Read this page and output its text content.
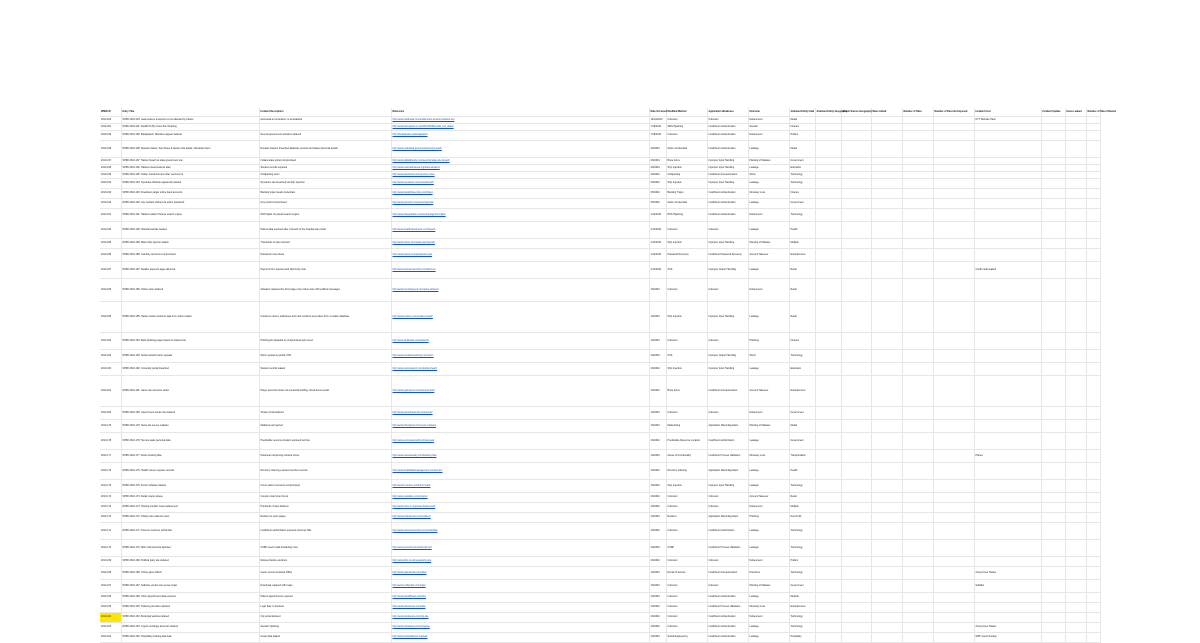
WMID ID	Entry Title	Incident Description	Reference	Date Occurred	Modified Method	Application Weakness	Outcome	Attacked Entity Field	Attacked Entity Geography	Attack Source Geography	Mass Attack	Number of Sites	Number of Records Exposed	Incident Cost	Incident Update	Items Leaked	Number of Sites Affected
2010-203	WHID 2010-203: www.tesla.eu & amazon.co.uk attacked by hacker	www.tesla.eu & amazon.co.uk attacked	http://www.hackread.com/teslamotors-amazon-hacked-xss	10/14/2010	Unknown	Unknown	Defacement	Media						NYT Website Hack			
2010-201	WHID 2010-201: Reddit Hit By Cross-Site Scripting		http://www.theregister.co.uk/2010/09/28/reddit_xss_attack	7/18/2010	SMS Hijacking	Insufficient Authentication	Session	Finance									
2010-199	WHID 2010-199: Bangladesh: Websites appear defaced	Several government websites defaced	http://thedailystar.net/bangladesh	7/18/2010	Unknown	Insufficient Authentication	Defacement	Politics									
2010-198	WHID 2010-198: Russian hacker, Sam Flaxe & Netsoo ride attack, Nebraska Open	Russian hackers breached database records and leaked personal details	http://www.nebraska.gov/news/security-breach	4/9/2010	Stolen Credentials	Insufficient Authentication	Leakage	Media									
2010-197	WHID 2010-197: Hacker breach at state government site	Indiana state portal compromised	http://www.digitaltrends.com/security/state-site-breach	4/9/2010	Brute Force	Improper Input Handling	Planting of Malware	Government									
2010-196	WHID 2010-196: Hackers steal students data	Student records exposed	http://www.educationweek.org/hack-students	4/9/2010	SQL Injection	Improper Input Handling	Leakage	Education									
2010-195	WHID 2010-195: Twitter, Facebook and other services hit	Clickjacking worm	http://www.facebook.com/security-notes	4/9/2010	Clickjacking	Insufficient Anti-automation	Worm	Technology									
2010-194	WHID 2010-194: Symantec Website apparently hacked	Symantec site breached via SQL injection	http://www.symantec.com/news/breach	4/9/2010	SQL Injection	Improper Input Handling	Leakage	Technology									
2010-193	WHID 2010-193: Fraudsters target online bank accounts	Banking trojan steals credentials	http://www.bankinfosecurity.com/fraud	3/5/2010	Banking Trojan	Insufficient Authentication	Monetary Loss	Finance									
2010-192	WHID 2010-192: Gov website hacked via stolen password	Gov portal compromised	http://www.govtech.com/security/portal	3/5/2010	Stolen Credentials	Insufficient Authentication	Leakage	Government									
2010-191	WHID 2010-191: Hackers attack Chinese search engine	DNS hijack of popular search engine	http://www.theguardian.com/technology/dns-hijack	1/12/2010	DNS Hijacking	Insufficient Authentication	Defacement	Technology									
2010-190	WHID 2010-190: Hospital website hacked	Patient data exposed after a breach of the hospital web portal	http://www.healthcareitnews.com/breach	1/12/2010	Unknown	Unknown	Leakage	Health									
2010-189	WHID 2010-189: Mass SQL injection attack	Thousands of sites infected	http://www.zdnet.com/mass-sql-injection	1/12/2010	SQL Injection	Improper Input Handling	Planting of Malware	Multiple									
2010-188	WHID 2010-188: Celebrity accounts compromised	Password reset abuse	http://www.wired.com/password-reset	1/12/2010	Password Recovery	Insufficient Password Recovery	Account Takeover	Entertainment									
2010-187	WHID 2010-187: Retailer payment page skimmed	Payment form injected with skimming code	http://www.krebsonsecurity.com/skimmer	1/12/2010	XSS	Improper Output Handling	Leakage	Retail						Credit cards leaked			
2010-186	WHID 2010-186: Online store defaced	Attackers replaced the front page of an online store with political messages	http://www.securityweek.com/store-defaced	1/9/2010	Unknown	Unknown	Defacement	Retail									
2010-185	WHID 2010-185: Hacker steals customer data from online retailer	Customer names, addresses and card numbers were taken from a retailer database	http://www.reuters.com/retailer-breach	1/9/2010	SQL Injection	Improper Input Handling	Leakage	Retail									
2010-184	WHID 2010-184: Bank phishing page hosted on hacked site	Phishing kit uploaded to compromised web server	http://www.phishtank.com/bank-kit	1/9/2010	Unknown	Unknown	Phishing	Finance									
2010-183	WHID 2010-183: Social network worm spreads	Worm spread via profile XSS	http://www.socialnetworking.com/worm	1/9/2010	XSS	Improper Output Handling	Worm	Technology									
2010-182	WHID 2010-182: University portal breached	Student records leaked	http://www.campustech.com/portal-breach	1/9/2010	SQL Injection	Improper Input Handling	Leakage	Education									
2010-181	WHID 2010-181: Game site accounts stolen	Player accounts stolen via credential stuffing; virtual items resold	http://www.gamespot.com/account-theft	1/9/2010	Brute Force	Insufficient Anti-automation	Account Takeover	Entertainment									
2010-180	WHID 2010-180: Government tender site defaced	Tender portal defaced	http://www.govinfosecurity.com/tender	1/9/2010	Unknown	Unknown	Defacement	Government									
2010-179	WHID 2010-179: News site serves malware	Malicious ad injected	http://www.threatpost.com/news-malware	1/9/2010	Malvertising	Application Misconfiguration	Planting of Malware	Media									
2010-178	WHID 2010-178: Tax site leaks personal data	Predictable resource location exposed tax files	http://www.computerworld.com/tax-leak	1/9/2010	Predictable Resource Location	Insufficient Authorization	Leakage	Government									
2010-177	WHID 2010-177: Airline booking flaw	Parameter tampering reduced prices	http://www.travelweekly.com/booking-flaw	1/9/2010	Abuse of Functionality	Insufficient Process Validation	Monetary Loss	Transportation						Planes			
2010-176	WHID 2010-176: Health insurer exposes records	Directory indexing exposed member records	http://www.healthdatamanagement.com/insurer	1/9/2010	Directory Indexing	Application Misconfiguration	Leakage	Health									
2010-175	WHID 2010-175: Forum software hacked	Forum admin accounts compromised	http://www.h-online.com/forum-hack	1/9/2010	SQL Injection	Improper Input Handling	Leakage	Technology									
2010-174	WHID 2010-174: Retail coupon abuse	Coupon code brute forced	http://www.retailwire.com/coupon	1/9/2010	Unknown	Unknown	Account Takeover	Retail									
2010-173	WHID 2010-173: Hosting provider mass defacement	Hundreds of sites defaced	http://www.zone-h.org/mass-defacement	1/9/2010	Unknown	Unknown	Defacement	Multiple									
2010-172	WHID 2010-172: Charity site redirects users	Redirect to scam pages	http://www.charitynews.com/redirect	1/9/2010	Redirect	Application Misconfiguration	Phishing	Non-Profit									
2010-171	WHID 2010-171: Telecom customer portal flaw	Insufficient authorization exposed customer bills	http://www.telecomsecurity.com/portal-flaw	1/9/2010	Unknown	Insufficient Authorization	Leakage	Technology									
2010-170	WHID 2010-170: Web mail accounts hijacked	CSRF used to add forwarding rules	http://www.pcworld.com/webmail-csrf	1/9/2010	CSRF	Insufficient Process Validation	Leakage	Technology									
2010-169	WHID 2010-169: Political party site defaced	Defaced before elections	http://www.bbc.co.uk/news/party-site	1/9/2010	Unknown	Unknown	Defacement	Politics									
2010-168	WHID 2010-168: Online game DDoS	Game servers knocked offline	http://www.gamasutra.com/ddos	1/9/2010	Denial of Service	Insufficient Anti-automation	Downtime	Technology						Anonymous Hacker			
2010-167	WHID 2010-167: Software vendor site serves trojan	Download replaced with trojan	http://www.softpedia.com/trojan	1/9/2010	Unknown	Unknown	Planting of Malware	Government						Softlabs			
2010-166	WHID 2010-166: Clinic appointment data exposed	Patient appointments exposed	http://www.ihealthbeat.org/clinic	1/9/2010	Unknown	Insufficient Authentication	Leakage	Medical									
2010-165	WHID 2010-165: Ticketing site flaw exploited	Logic flaw in checkout	http://www.ticketnews.com/flaw	1/9/2010	Unknown	Insufficient Process Validation	Monetary Loss	Entertainment									
2010-164	WHID 2010-164: Municipal website defaced	City portal defaced	http://www.localnews.com/city-site	1/9/2010	Unknown	Insufficient Authentication	Defacement	Technology									
2010-163	WHID 2010-163: Crypto exchange accounts drained	Session hijacking	http://www.coindesk.com/exchange	1/9/2010	Unknown	Insufficient Authentication	Leakage	Technology						Anonymous Hacker			
2010-162	WHID 2010-162: Hospitality booking data leak	Guest data leaked	http://www.hospitalitynet.org/leak	1/9/2010	Social Engineering	Insufficient Authentication	Leakage	Hospitality						WPF Guest Sunday			
